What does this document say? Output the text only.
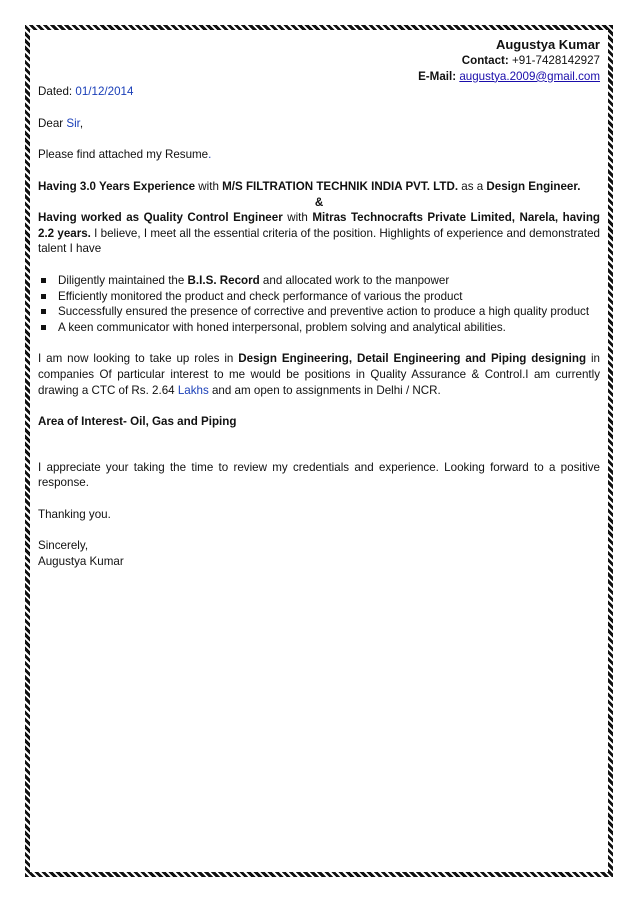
Augustya Kumar
Contact: +91-7428142927
E-Mail: augustya.2009@gmail.com

Dated: 01/12/2014

Dear Sir,

Please find attached my Resume.

Having 3.0 Years Experience with M/S FILTRATION TECHNIK INDIA PVT. LTD. as a Design Engineer.

&

Having worked as Quality Control Engineer with Mitras Technocrafts Private Limited, Narela, having 2.2 years. I believe, I meet all the essential criteria of the position. Highlights of experience and demonstrated talent I have

Diligently maintained the B.I.S. Record and allocated work to the manpower
Efficiently monitored the product and check performance of various the product
Successfully ensured the presence of corrective and preventive action to produce a high quality product
A keen communicator with honed interpersonal, problem solving and analytical abilities.

I am now looking to take up roles in Design Engineering, Detail Engineering and Piping designing in companies Of particular interest to me would be positions in Quality Assurance & Control.I am currently drawing a CTC of Rs. 2.64 Lakhs and am open to assignments in Delhi / NCR.

Area of Interest- Oil, Gas and Piping

I appreciate your taking the time to review my credentials and experience. Looking forward to a positive response.

Thanking you.

Sincerely,

Augustya Kumar
